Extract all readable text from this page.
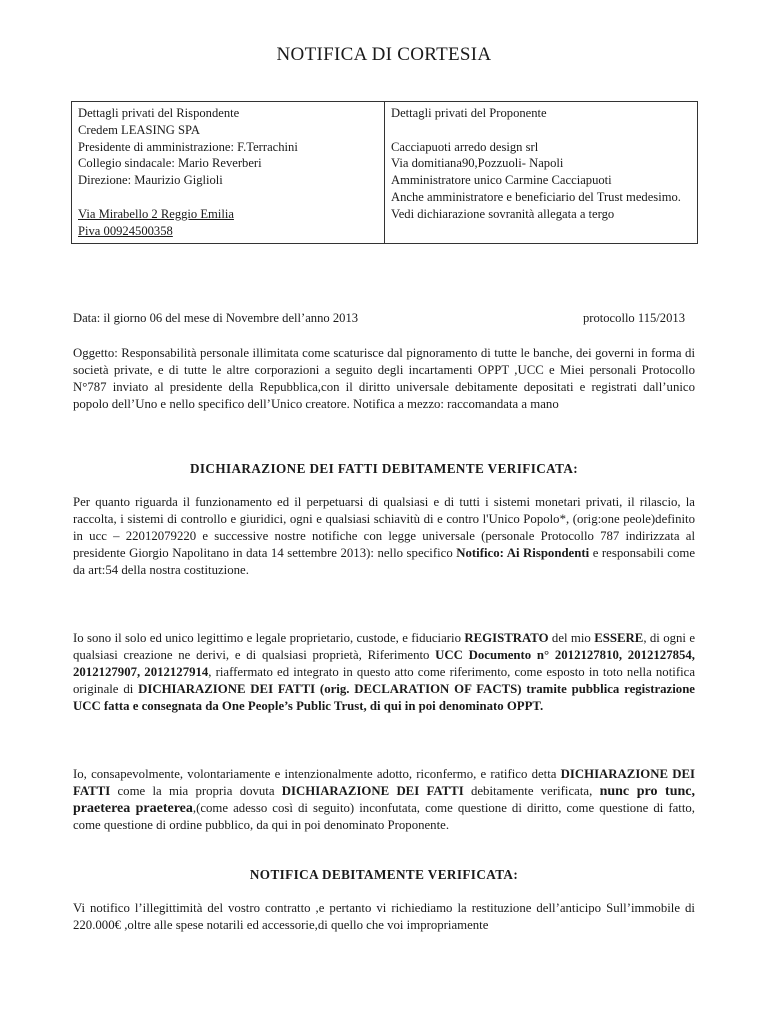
NOTIFICA DI CORTESIA
Dettagli privati del Rispondente
Credem LEASING SPA
Presidente di amministrazione: F.Terrachini
Collegio sindacale: Mario Reverberi
Direzione: Maurizio Giglioli
Via Mirabello 2 Reggio Emilia
Piva 00924500358

Dettagli privati del Proponente
Cacciapuoti arredo design srl
Via domitiana90,Pozzuoli- Napoli
Amministratore unico Carmine Cacciapuoti
Anche amministratore e beneficiario del Trust medesimo.
Vedi dichiarazione sovranità allegata a tergo
Data: il giorno 06 del mese di Novembre dell’anno 2013	protocollo 115/2013
Oggetto: Responsabilità personale illimitata come scaturisce dal pignoramento di tutte le banche, dei governi in forma di società private, e di tutte le altre corporazioni a seguito degli incartamenti OPPT ,UCC e Miei personali Protocollo N°787 inviato al presidente della Repubblica,con il diritto universale debitamente depositati e registrati dall’unico popolo dell’Uno e nello specifico dell’Unico creatore. Notifica a mezzo: raccomandata a mano
DICHIARAZIONE DEI FATTI DEBITAMENTE VERIFICATA:
Per quanto riguarda il funzionamento ed il perpetuarsi di qualsiasi e di tutti i sistemi monetari privati, il rilascio, la raccolta, i sistemi di controllo e giuridici, ogni e qualsiasi schiavitù di e contro l'Unico Popolo*, (orig:one peole)definito in ucc – 22012079220 e successive nostre notifiche con legge universale (personale Protocollo 787 indirizzata al presidente Giorgio Napolitano in data 14 settembre 2013): nello specifico Notifico: Ai Rispondenti e responsabili come da art:54 della nostra costituzione.
Io sono il solo ed unico legittimo e legale proprietario, custode, e fiduciario REGISTRATO del mio ESSERE, di ogni e qualsiasi creazione ne derivi, e di qualsiasi proprietà, Riferimento UCC Documento n° 2012127810, 2012127854, 2012127907, 2012127914, riaffermato ed integrato in questo atto come riferimento, come esposto in toto nella notifica originale di DICHIARAZIONE DEI FATTI (orig. DECLARATION OF FACTS) tramite pubblica registrazione UCC fatta e consegnata da One People’s Public Trust, di qui in poi denominato OPPT.
Io, consapevolmente, volontariamente e intenzionalmente adotto, riconfermo, e ratifico detta DICHIARAZIONE DEI FATTI come la mia propria dovuta DICHIARAZIONE DEI FATTI debitamente verificata, nunc pro tunc, praeterea praeterea,(come adesso così di seguito) inconfutata, come questione di diritto, come questione di fatto, come questione di ordine pubblico, da qui in poi denominato Proponente.
NOTIFICA DEBITAMENTE VERIFICATA:
Vi notifico l’illegittimità del vostro contratto ,e pertanto vi richiediamo la restituzione dell’anticipo Sull’immobile di 220.000€ ,oltre alle spese notarili ed accessorie,di quello che voi impropriamente
